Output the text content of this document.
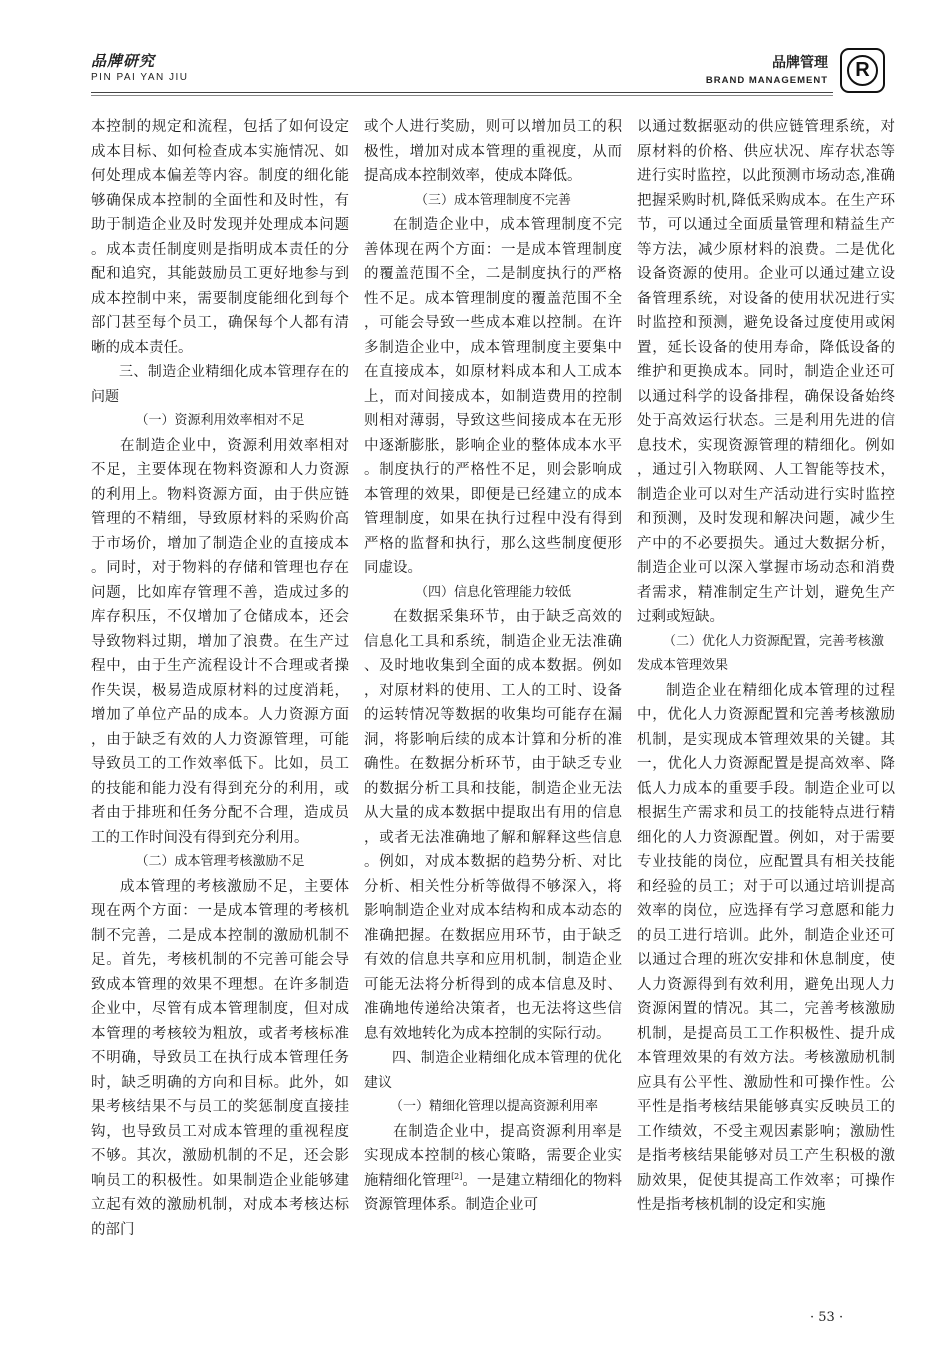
品牌研究
PIN PAI YAN JIU
品牌管理
BRAND MANAGEMENT	R

本控制的规定和流程，包括了如何设定成本目标、如何检查成本实施情况、如何处理成本偏差等内容。制度的细化能够确保成本控制的全面性和及时性，有助于制造企业及时发现并处理成本问题。成本责任制度则是指明成本责任的分配和追究，其能鼓励员工更好地参与到成本控制中来，需要制度能细化到每个部门甚至每个员工，确保每个人都有清晰的成本责任。

三、制造企业精细化成本管理存在的问题

（一）资源利用效率相对不足

在制造企业中，资源利用效率相对不足，主要体现在物料资源和人力资源的利用上。物料资源方面，由于供应链管理的不精细，导致原材料的采购价高于市场价，增加了制造企业的直接成本。同时，对于物料的存储和管理也存在问题，比如库存管理不善，造成过多的库存积压，不仅增加了仓储成本，还会导致物料过期，增加了浪费。在生产过程中，由于生产流程设计不合理或者操作失误，极易造成原材料的过度消耗，增加了单位产品的成本。人力资源方面，由于缺乏有效的人力资源管理，可能导致员工的工作效率低下。比如，员工的技能和能力没有得到充分的利用，或者由于排班和任务分配不合理，造成员工的工作时间没有得到充分利用。

（二）成本管理考核激励不足

成本管理的考核激励不足，主要体现在两个方面：一是成本管理的考核机制不完善，二是成本控制的激励机制不足。首先，考核机制的不完善可能会导致成本管理的效果不理想。在许多制造企业中，尽管有成本管理制度，但对成本管理的考核较为粗放，或者考核标准不明确，导致员工在执行成本管理任务时，缺乏明确的方向和目标。此外，如果考核结果不与员工的奖惩制度直接挂钩，也导致员工对成本管理的重视程度不够。其次，激励机制的不足，还会影响员工的积极性。如果制造企业能够建立起有效的激励机制，对成本考核达标的部门

或个人进行奖励，则可以增加员工的积极性，增加对成本管理的重视度，从而提高成本控制效率，使成本降低。

（三）成本管理制度不完善

在制造企业中，成本管理制度不完善体现在两个方面：一是成本管理制度的覆盖范围不全，二是制度执行的严格性不足。成本管理制度的覆盖范围不全，可能会导致一些成本难以控制。在许多制造企业中，成本管理制度主要集中在直接成本，如原材料成本和人工成本上，而对间接成本，如制造费用的控制则相对薄弱，导致这些间接成本在无形中逐渐膨胀，影响企业的整体成本水平。制度执行的严格性不足，则会影响成本管理的效果，即便是已经建立的成本管理制度，如果在执行过程中没有得到严格的监督和执行，那么这些制度便形同虚设。

（四）信息化管理能力较低

在数据采集环节，由于缺乏高效的信息化工具和系统，制造企业无法准确、及时地收集到全面的成本数据。例如，对原材料的使用、工人的工时、设备的运转情况等数据的收集均可能存在漏洞，将影响后续的成本计算和分析的准确性。在数据分析环节，由于缺乏专业的数据分析工具和技能，制造企业无法从大量的成本数据中提取出有用的信息，或者无法准确地了解和解释这些信息。例如，对成本数据的趋势分析、对比分析、相关性分析等做得不够深入，将影响制造企业对成本结构和成本动态的准确把握。在数据应用环节，由于缺乏有效的信息共享和应用机制，制造企业可能无法将分析得到的成本信息及时、准确地传递给决策者，也无法将这些信息有效地转化为成本控制的实际行动。

四、制造企业精细化成本管理的优化建议

（一）精细化管理以提高资源利用率

在制造企业中，提高资源利用率是实现成本控制的核心策略，需要企业实施精细化管理[2]。一是建立精细化的物料资源管理体系。制造企业可

以通过数据驱动的供应链管理系统，对原材料的价格、供应状况、库存状态等进行实时监控，以此预测市场动态,准确把握采购时机,降低采购成本。在生产环节，可以通过全面质量管理和精益生产等方法，减少原材料的浪费。二是优化设备资源的使用。企业可以通过建立设备管理系统，对设备的使用状况进行实时监控和预测，避免设备过度使用或闲置，延长设备的使用寿命，降低设备的维护和更换成本。同时，制造企业还可以通过科学的设备排程，确保设备始终处于高效运行状态。三是利用先进的信息技术，实现资源管理的精细化。例如，通过引入物联网、人工智能等技术，制造企业可以对生产活动进行实时监控和预测，及时发现和解决问题，减少生产中的不必要损失。通过大数据分析，制造企业可以深入掌握市场动态和消费者需求，精准制定生产计划，避免生产过剩或短缺。

（二）优化人力资源配置，完善考核激发成本管理效果

制造企业在精细化成本管理的过程中，优化人力资源配置和完善考核激励机制，是实现成本管理效果的关键。其一，优化人力资源配置是提高效率、降低人力成本的重要手段。制造企业可以根据生产需求和员工的技能特点进行精细化的人力资源配置。例如，对于需要专业技能的岗位，应配置具有相关技能和经验的员工；对于可以通过培训提高效率的岗位，应选择有学习意愿和能力的员工进行培训。此外，制造企业还可以通过合理的班次安排和休息制度，使人力资源得到有效利用，避免出现人力资源闲置的情况。其二，完善考核激励机制，是提高员工工作积极性、提升成本管理效果的有效方法。考核激励机制应具有公平性、激励性和可操作性。公平性是指考核结果能够真实反映员工的工作绩效，不受主观因素影响；激励性是指考核结果能够对员工产生积极的激励效果，促使其提高工作效率；可操作性是指考核机制的设定和实施

· 53 ·
